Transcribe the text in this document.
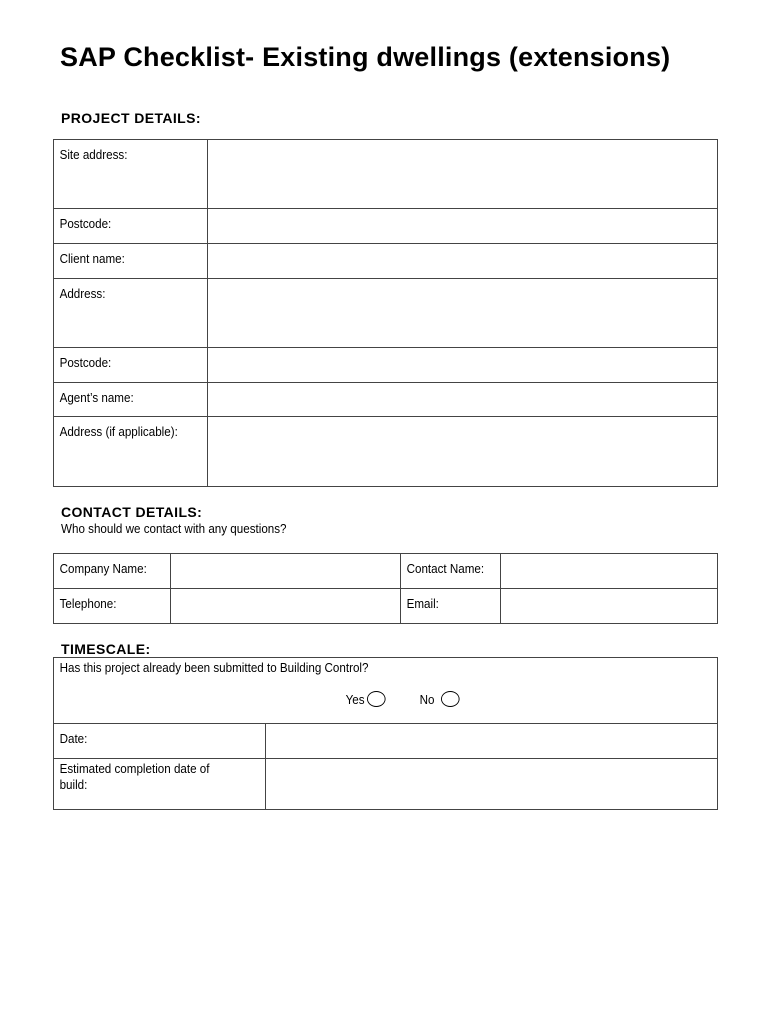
SAP Checklist- Existing dwellings (extensions)
PROJECT DETAILS:
Site address:

Postcode:

Client name:

Address:

Postcode:

Agent’s name:

Address (if applicable):

CONTACT DETAILS:
Who should we contact with any questions?
Company Name:		Contact Name:

Telephone:		Email:

TIMESCALE:
Has this project already been submitted to Building Control?
Yes No	

Date:

Estimated completion date of build:
